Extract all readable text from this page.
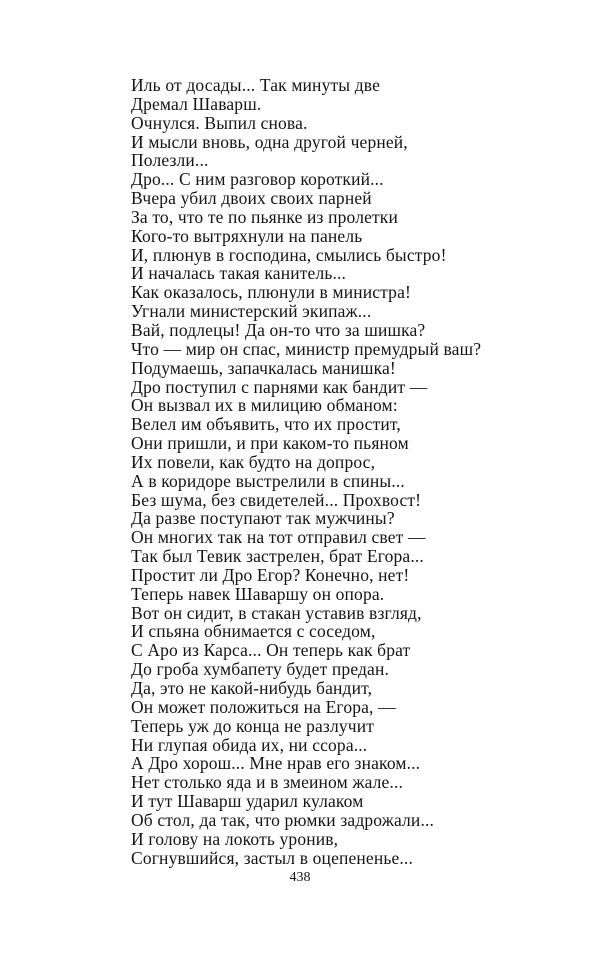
Иль от досады... Так минуты две
Дремал Шаварш.
Очнулся. Выпил снова.
И мысли вновь, одна другой черней,
Полезли...
Дро... С ним разговор короткий...
Вчера убил двоих своих парней
За то, что те по пьянке из пролетки
Кого-то вытряхнули на панель
И, плюнув в господина, смылись быстро!
И началась такая канитель...
Как оказалось, плюнули в министра!
Угнали министерский экипаж...
Вай, подлецы! Да он-то что за шишка?
Что — мир он спас, министр премудрый ваш?
Подумаешь, запачкалась манишка!
Дро поступил с парнями как бандит —
Он вызвал их в милицию обманом:
Велел им объявить, что их простит,
Они пришли, и при каком-то пьяном
Их повели, как будто на допрос,
А в коридоре выстрелили в спины...
Без шума, без свидетелей... Прохвост!
Да разве поступают так мужчины?
Он многих так на тот отправил свет —
Так был Тевик застрелен, брат Егора...
Простит ли Дро Егор? Конечно, нет!
Теперь навек Шаваршу он опора.
Вот он сидит, в стакан уставив взгляд,
И спьяна обнимается с соседом,
С Аро из Карса... Он теперь как брат
До гроба хумбапету будет предан.
Да, это не какой-нибудь бандит,
Он может положиться на Егора, —
Теперь уж до конца не разлучит
Ни глупая обида их, ни ссора...
А Дро хорош... Мне нрав его знаком...
Нет столько яда и в змеином жале...
И тут Шаварш ударил кулаком
Об стол, да так, что рюмки задрожали...
И голову на локоть уронив,
Согнувшийся, застыл в оцепененье...
438
